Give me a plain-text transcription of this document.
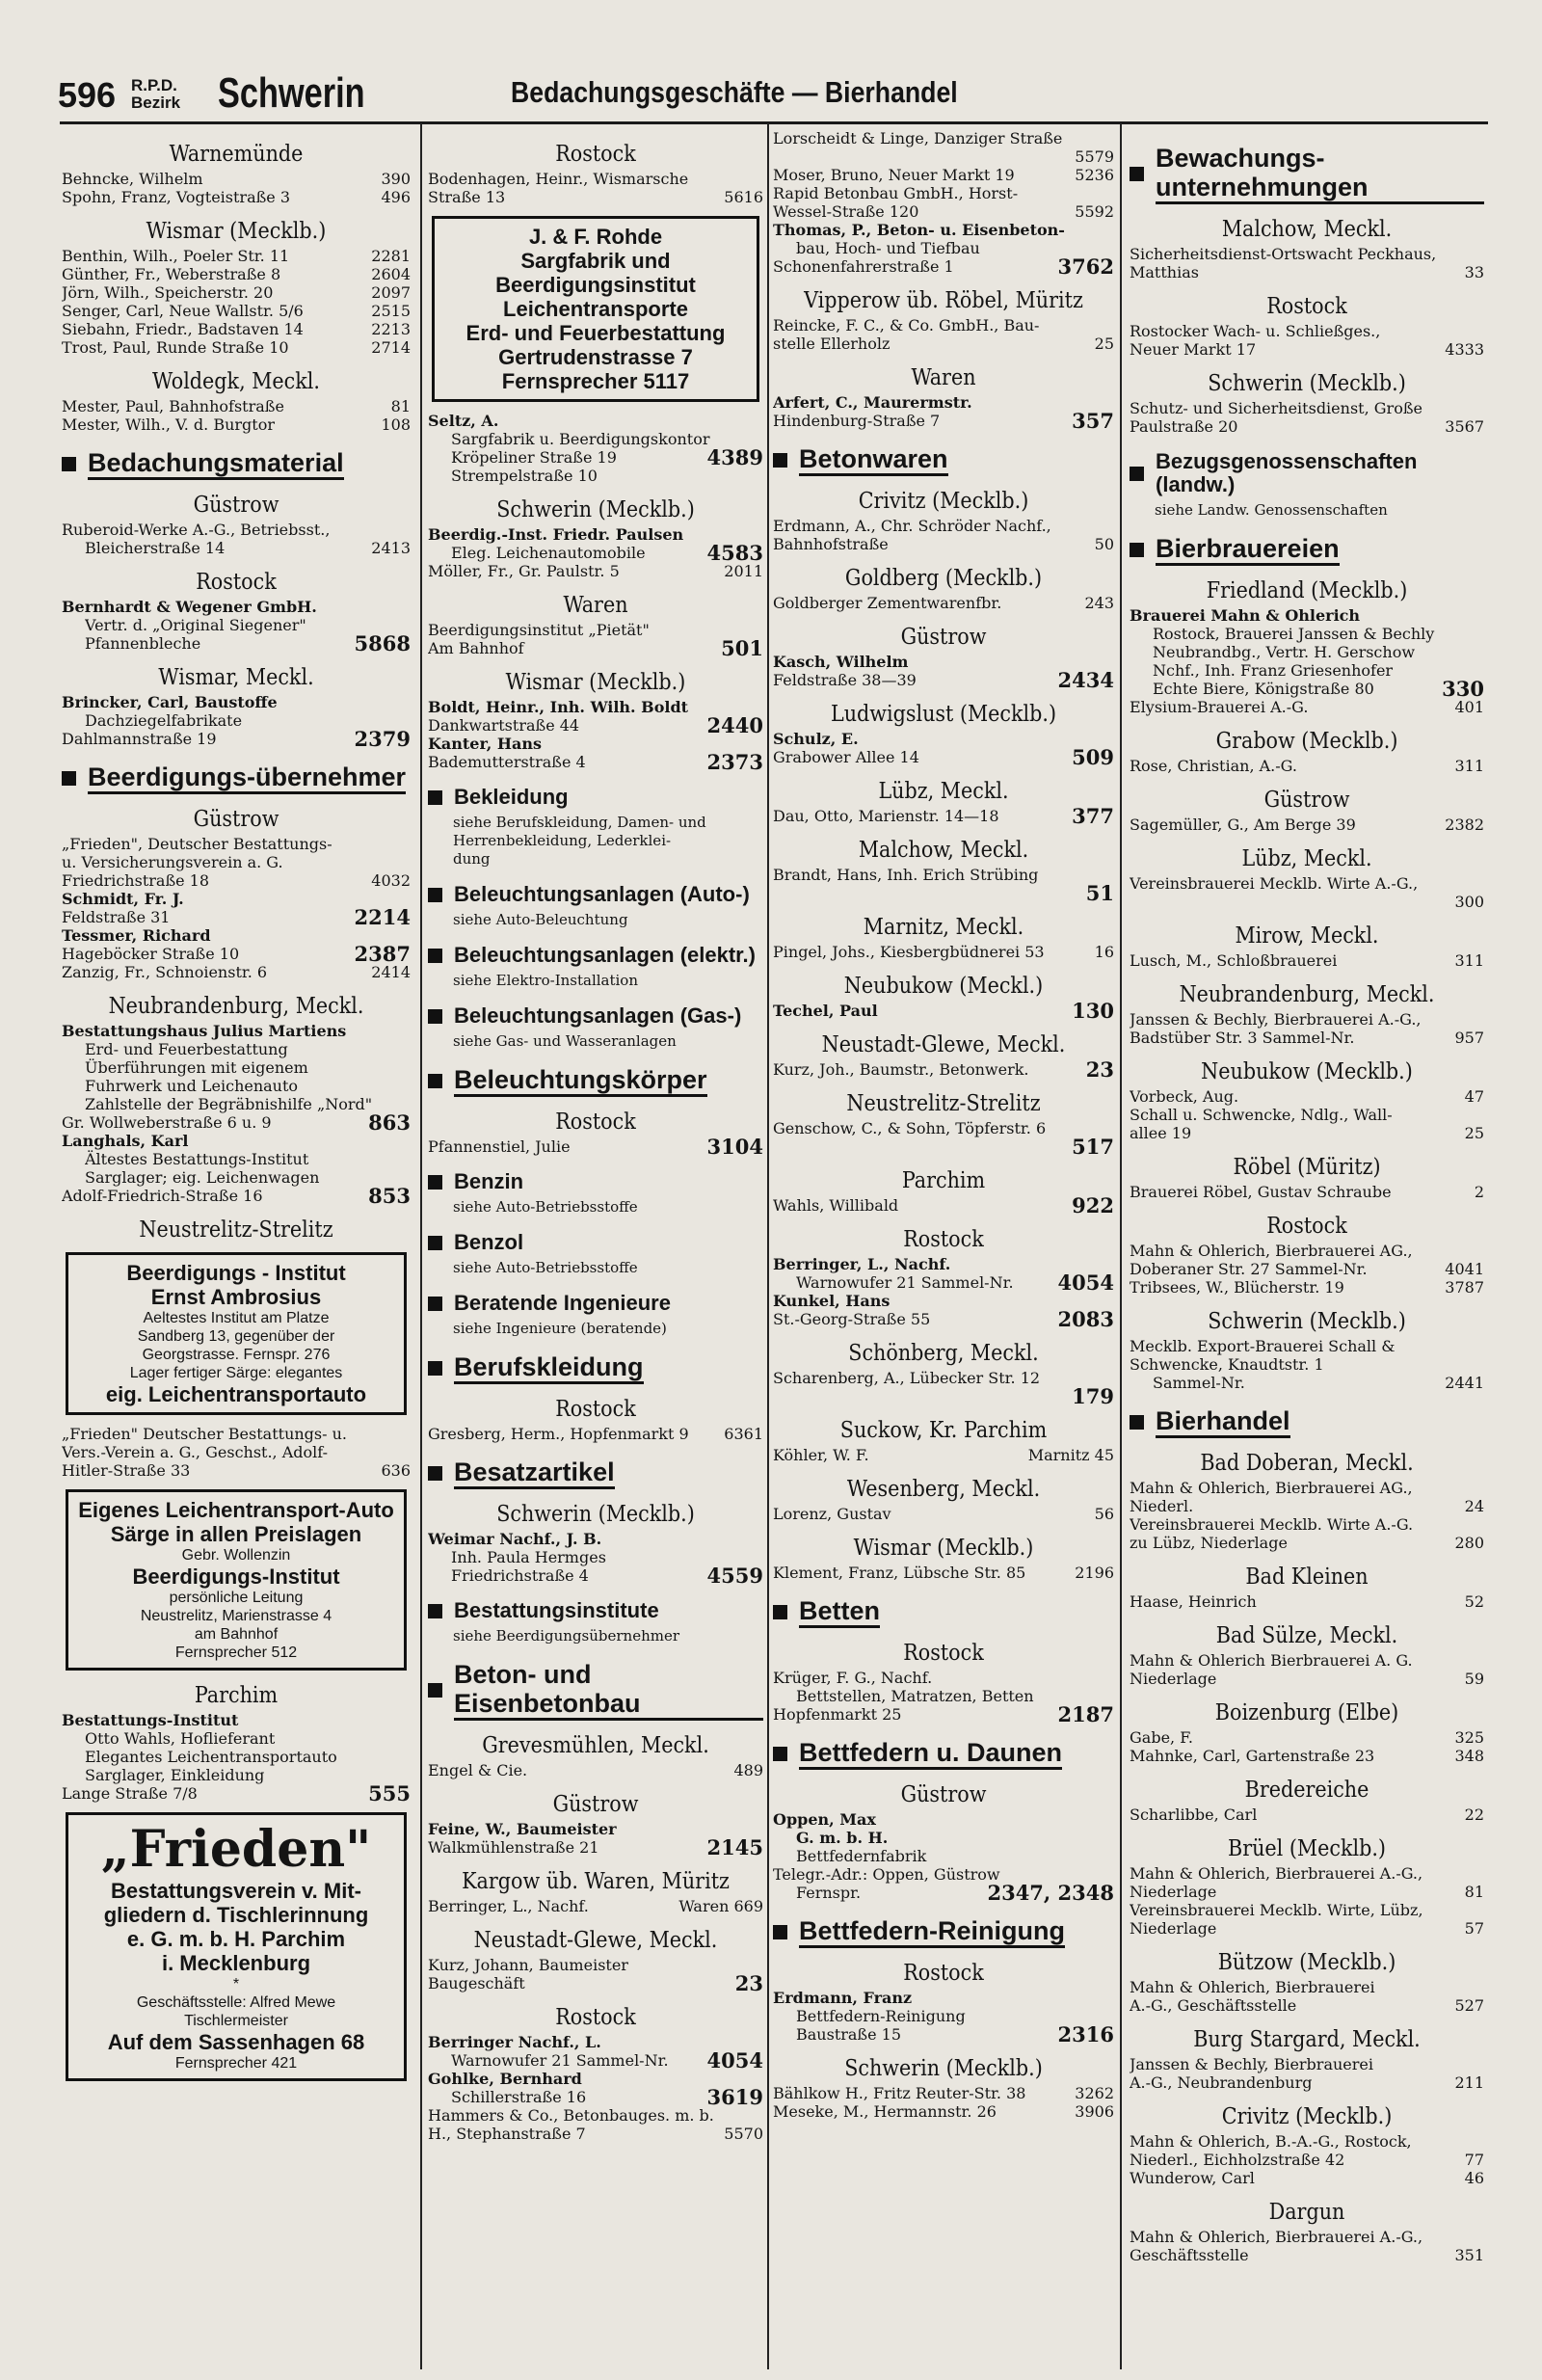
596 R.P.D.
Bezirk Schwerin	Bedachungsgeschäfte — Bierhandel
Warnemünde
Behncke, Wilhelm	390
Spohn, Franz, Vogteistraße 3	496
Wismar (Mecklb.)
Benthin, Wilh., Poeler Str. 11	2281
Günther, Fr., Weberstraße 8	2604
Jörn, Wilh., Speicherstr. 20	2097
Senger, Carl, Neue Wallstr. 5/6	2515
Siebahn, Friedr., Badstaven 14	2213
Trost, Paul, Runde Straße 10	2714
Woldegk, Meckl.
Mester, Paul, Bahnhofstraße	81
Mester, Wilh., V. d. Burgtor	108
Bedachungsmaterial
Güstrow
Ruberoid-Werke A.-G., Betriebsst.,
Bleicherstraße 14	2413
Rostock
Bernhardt & Wegener GmbH.
Vertr. d. „Original Siegener"
Pfannenbleche	5868
Wismar, Meckl.
Brincker, Carl, Baustoffe
Dachziegelfabrikate
Dahlmannstraße 19	2379
Beerdigungs-übernehmer
Güstrow
„Frieden", Deutscher Bestattungs-
u. Versicherungsverein a. G.
Friedrichstraße 18	4032
Schmidt, Fr. J.
Feldstraße 31	2214
Tessmer, Richard
Hageböcker Straße 10	2387
Zanzig, Fr., Schnoienstr. 6	2414
Neubrandenburg, Meckl.
Bestattungshaus Julius Martiens
Erd- und Feuerbestattung
Überführungen mit eigenem
Fuhrwerk und Leichenauto
Zahlstelle der Begräbnishilfe „Nord"
Gr. Wollweberstraße 6 u. 9	863
Langhals, Karl
Ältestes Bestattungs-Institut
Sarglager; eig. Leichenwagen
Adolf-Friedrich-Straße 16	853
Neustrelitz-Strelitz
Beerdigungs - Institut
Ernst Ambrosius
Aeltestes Institut am Platze
Sandberg 13, gegenüber der
Georgstrasse. Fernspr. 276
Lager fertiger Särge: elegantes
eig. Leichentransportauto
„Frieden" Deutscher Bestattungs- u.
Vers.-Verein a. G., Geschst., Adolf-
Hitler-Straße 33	636
Eigenes Leichentransport-Auto
Särge in allen Preislagen
Gebr. Wollenzin
Beerdigungs-Institut
persönliche Leitung
Neustrelitz, Marienstrasse 4
am Bahnhof
Fernsprecher 512
Parchim
Bestattungs-Institut
Otto Wahls, Hoflieferant
Elegantes Leichentransportauto
Sarglager, Einkleidung
Lange Straße 7/8	555
„Frieden"
Bestattungsverein v. Mit-
gliedern d. Tischlerinnung
e. G. m. b. H. Parchim
i. Mecklenburg
*
Geschäftsstelle: Alfred Mewe
Tischlermeister
Auf dem Sassenhagen 68
Fernsprecher 421
Rostock
Bodenhagen, Heinr., Wismarsche
Straße 13	5616
J. & F. Rohde
Sargfabrik und
Beerdigungsinstitut
Leichentransporte
Erd- und Feuerbestattung
Gertrudenstrasse 7
Fernsprecher 5117
Seltz, A.
Sargfabrik u. Beerdigungskontor
Kröpeliner Straße 19	4389
Strempelstraße 10
Schwerin (Mecklb.)
Beerdig.-Inst. Friedr. Paulsen
Eleg. Leichenautomobile	4583
Möller, Fr., Gr. Paulstr. 5	2011
Waren
Beerdigungsinstitut „Pietät"
Am Bahnhof	501
Wismar (Mecklb.)
Boldt, Heinr., Inh. Wilh. Boldt
Dankwartstraße 44	2440
Kanter, Hans
Bademutterstraße 4	2373
Bekleidung
siehe Berufskleidung, Damen- und
Herrenbekleidung, Lederklei-
dung
Beleuchtungsanlagen (Auto-)
siehe Auto-Beleuchtung
Beleuchtungsanlagen (elektr.)
siehe Elektro-Installation
Beleuchtungsanlagen (Gas-)
siehe Gas- und Wasseranlagen
Beleuchtungskörper
Rostock
Pfannenstiel, Julie	3104
Benzin
siehe Auto-Betriebsstoffe
Benzol
siehe Auto-Betriebsstoffe
Beratende Ingenieure
siehe Ingenieure (beratende)
Berufskleidung
Rostock
Gresberg, Herm., Hopfenmarkt 9	6361
Besatzartikel
Schwerin (Mecklb.)
Weimar Nachf., J. B.
Inh. Paula Hermges
Friedrichstraße 4	4559
Bestattungsinstitute
siehe Beerdigungsübernehmer
Beton- und Eisenbetonbau
Grevesmühlen, Meckl.
Engel & Cie.	489
Güstrow
Feine, W., Baumeister
Walkmühlenstraße 21	2145
Kargow üb. Waren, Müritz
Berringer, L., Nachf.	Waren 669
Neustadt-Glewe, Meckl.
Kurz, Johann, Baumeister
Baugeschäft	23
Rostock
Berringer Nachf., L.
Warnowufer 21 Sammel-Nr.	4054
Gohlke, Bernhard
Schillerstraße 16	3619
Hammers & Co., Betonbauges. m. b.
H., Stephanstraße 7	5570
Lorscheidt & Linge, Danziger Straße
5579
Moser, Bruno, Neuer Markt 19	5236
Rapid Betonbau GmbH., Horst-
Wessel-Straße 120	5592
Thomas, P., Beton- u. Eisenbeton-
bau, Hoch- und Tiefbau
Schonenfahrerstraße 1	3762
Vipperow üb. Röbel, Müritz
Reincke, F. C., & Co. GmbH., Bau-
stelle Ellerholz	25
Waren
Arfert, C., Maurermstr.
Hindenburg-Straße 7	357
Betonwaren
Crivitz (Mecklb.)
Erdmann, A., Chr. Schröder Nachf.,
Bahnhofstraße	50
Goldberg (Mecklb.)
Goldberger Zementwarenfbr.	243
Güstrow
Kasch, Wilhelm
Feldstraße 38—39	2434
Ludwigslust (Mecklb.)
Schulz, E.
Grabower Allee 14	509
Lübz, Meckl.
Dau, Otto, Marienstr. 14—18	377
Malchow, Meckl.
Brandt, Hans, Inh. Erich Strübing
51
Marnitz, Meckl.
Pingel, Johs., Kiesbergbüdnerei 53	16
Neubukow (Meckl.)
Techel, Paul	130
Neustadt-Glewe, Meckl.
Kurz, Joh., Baumstr., Betonwerk.	23
Neustrelitz-Strelitz
Genschow, C., & Sohn, Töpferstr. 6
517
Parchim
Wahls, Willibald	922
Rostock
Berringer, L., Nachf.
Warnowufer 21 Sammel-Nr.	4054
Kunkel, Hans
St.-Georg-Straße 55	2083
Schönberg, Meckl.
Scharenberg, A., Lübecker Str. 12
179
Suckow, Kr. Parchim
Köhler, W. F.	Marnitz 45
Wesenberg, Meckl.
Lorenz, Gustav	56
Wismar (Mecklb.)
Klement, Franz, Lübsche Str. 85	2196
Betten
Rostock
Krüger, F. G., Nachf.
Bettstellen, Matratzen, Betten
Hopfenmarkt 25	2187
Bettfedern u. Daunen
Güstrow
Oppen, Max
G. m. b. H.
Bettfedernfabrik
Telegr.-Adr.: Oppen, Güstrow
Fernspr.	2347, 2348
Bettfedern-Reinigung
Rostock
Erdmann, Franz
Bettfedern-Reinigung
Baustraße 15	2316
Schwerin (Mecklb.)
Bählkow H., Fritz Reuter-Str. 38	3262
Meseke, M., Hermannstr. 26	3906
Bewachungs-unternehmungen
Malchow, Meckl.
Sicherheitsdienst-Ortswacht Peckhaus,
Matthias	33
Rostock
Rostocker Wach- u. Schließges.,
Neuer Markt 17	4333
Schwerin (Mecklb.)
Schutz- und Sicherheitsdienst, Große
Paulstraße 20	3567
Bezugsgenossenschaften (landw.)
siehe Landw. Genossenschaften
Bierbrauereien
Friedland (Mecklb.)
Brauerei Mahn & Ohlerich
Rostock, Brauerei Janssen & Bechly
Neubrandbg., Vertr. H. Gerschow
Nchf., Inh. Franz Griesenhofer
Echte Biere, Königstraße 80	330
Elysium-Brauerei A.-G.	401
Grabow (Mecklb.)
Rose, Christian, A.-G.	311
Güstrow
Sagemüller, G., Am Berge 39	2382
Lübz, Meckl.
Vereinsbrauerei Mecklb. Wirte A.-G.,
300
Mirow, Meckl.
Lusch, M., Schloßbrauerei	311
Neubrandenburg, Meckl.
Janssen & Bechly, Bierbrauerei A.-G.,
Badstüber Str. 3 Sammel-Nr.	957
Neubukow (Mecklb.)
Vorbeck, Aug.	47
Schall u. Schwencke, Ndlg., Wall-
allee 19	25
Röbel (Müritz)
Brauerei Röbel, Gustav Schraube	2
Rostock
Mahn & Ohlerich, Bierbrauerei AG.,
Doberaner Str. 27 Sammel-Nr.	4041
Tribsees, W., Blücherstr. 19	3787
Schwerin (Mecklb.)
Mecklb. Export-Brauerei Schall &
Schwencke, Knaudtstr. 1
Sammel-Nr.	2441
Bierhandel
Bad Doberan, Meckl.
Mahn & Ohlerich, Bierbrauerei AG.,
Niederl.	24
Vereinsbrauerei Mecklb. Wirte A.-G.
zu Lübz, Niederlage	280
Bad Kleinen
Haase, Heinrich	52
Bad Sülze, Meckl.
Mahn & Ohlerich Bierbrauerei A. G.
Niederlage	59
Boizenburg (Elbe)
Gabe, F.	325
Mahnke, Carl, Gartenstraße 23	348
Bredereiche
Scharlibbe, Carl	22
Brüel (Mecklb.)
Mahn & Ohlerich, Bierbrauerei A.-G.,
Niederlage	81
Vereinsbrauerei Mecklb. Wirte, Lübz,
Niederlage	57
Bützow (Mecklb.)
Mahn & Ohlerich, Bierbrauerei
A.-G., Geschäftsstelle	527
Burg Stargard, Meckl.
Janssen & Bechly, Bierbrauerei
A.-G., Neubrandenburg	211
Crivitz (Mecklb.)
Mahn & Ohlerich, B.-A.-G., Rostock,
Niederl., Eichholzstraße 42	77
Wunderow, Carl	46
Dargun
Mahn & Ohlerich, Bierbrauerei A.-G.,
Geschäftsstelle	351
